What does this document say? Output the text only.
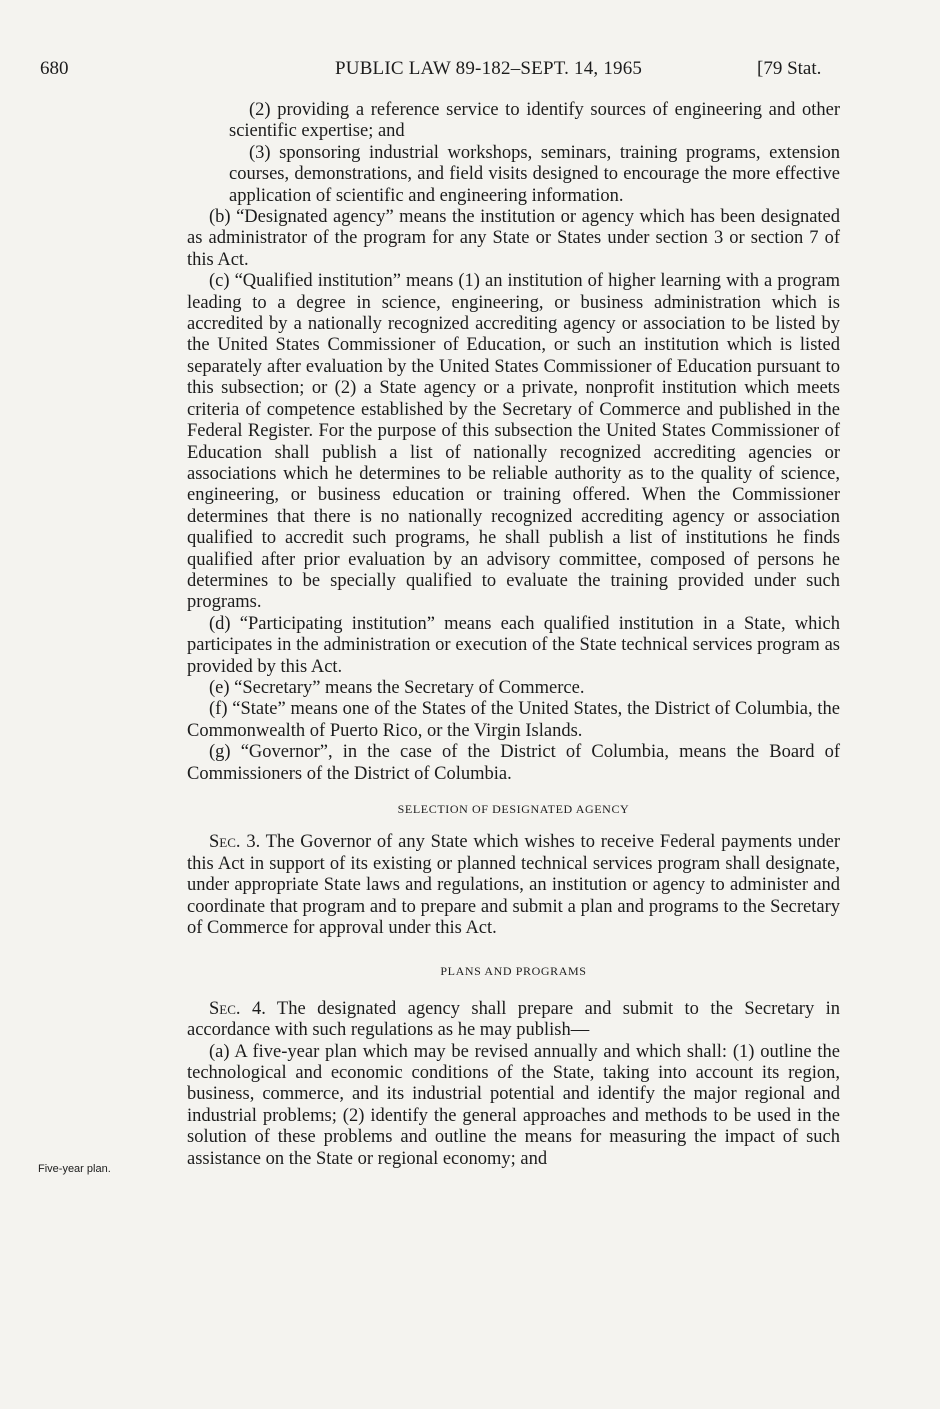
680	PUBLIC LAW 89-182–SEPT. 14, 1965	[79 Stat.
Five-year plan.

(2) providing a reference service to identify sources of engineering and other scientific expertise; and

(3) sponsoring industrial workshops, seminars, training programs, extension courses, demonstrations, and field visits designed to encourage the more effective application of scientific and engineering information.

(b) “Designated agency” means the institution or agency which has been designated as administrator of the program for any State or States under section 3 or section 7 of this Act.

(c) “Qualified institution” means (1) an institution of higher learning with a program leading to a degree in science, engineering, or business administration which is accredited by a nationally recognized accrediting agency or association to be listed by the United States Commissioner of Education, or such an institution which is listed separately after evaluation by the United States Commissioner of Education pursuant to this subsection; or (2) a State agency or a private, nonprofit institution which meets criteria of competence established by the Secretary of Commerce and published in the Federal Register. For the purpose of this subsection the United States Commissioner of Education shall publish a list of nationally recognized accrediting agencies or associations which he determines to be reliable authority as to the quality of science, engineering, or business education or training offered. When the Commissioner determines that there is no nationally recognized accrediting agency or association qualified to accredit such programs, he shall publish a list of institutions he finds qualified after prior evaluation by an advisory committee, composed of persons he determines to be specially qualified to evaluate the training provided under such programs.

(d) “Participating institution” means each qualified institution in a State, which participates in the administration or execution of the State technical services program as provided by this Act.

(e) “Secretary” means the Secretary of Commerce.

(f) “State” means one of the States of the United States, the District of Columbia, the Commonwealth of Puerto Rico, or the Virgin Islands.

(g) “Governor”, in the case of the District of Columbia, means the Board of Commissioners of the District of Columbia.

SELECTION OF DESIGNATED AGENCY

Sec. 3. The Governor of any State which wishes to receive Federal payments under this Act in support of its existing or planned technical services program shall designate, under appropriate State laws and regulations, an institution or agency to administer and coordinate that program and to prepare and submit a plan and programs to the Secretary of Commerce for approval under this Act.

PLANS AND PROGRAMS

Sec. 4. The designated agency shall prepare and submit to the Secretary in accordance with such regulations as he may publish—

(a) A five-year plan which may be revised annually and which shall: (1) outline the technological and economic conditions of the State, taking into account its region, business, commerce, and its industrial potential and identify the major regional and industrial problems; (2) identify the general approaches and methods to be used in the solution of these problems and outline the means for measuring the impact of such assistance on the State or regional economy; and
